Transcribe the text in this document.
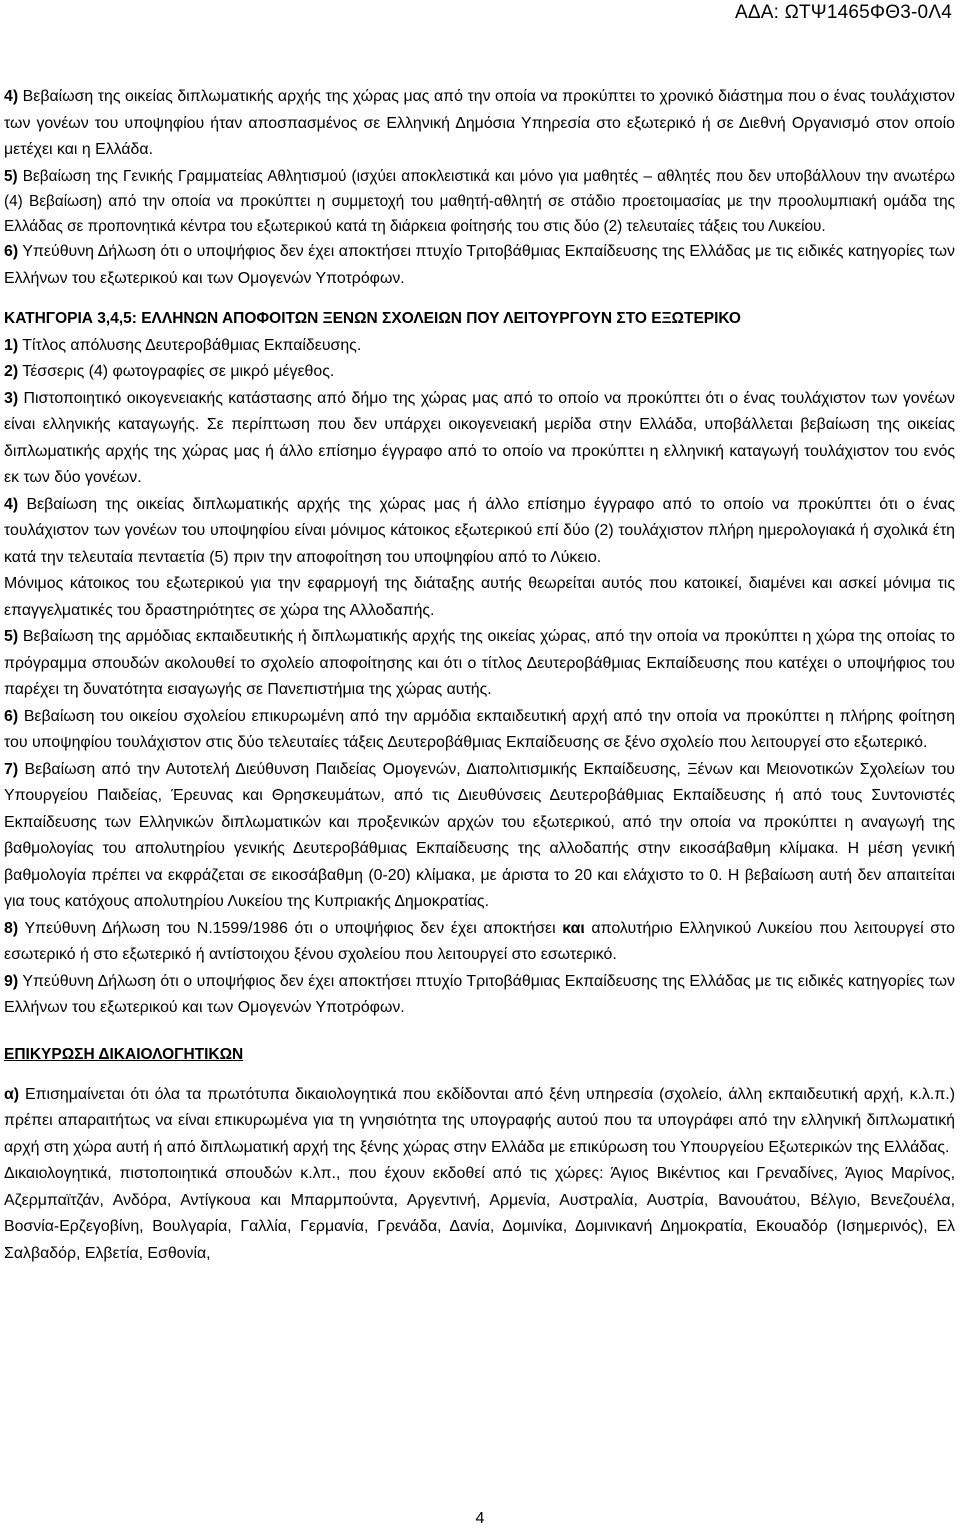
ΑΔΑ: ΩΤΨ1465ΦΘ3-0Λ4

4) Βεβαίωση της οικείας διπλωματικής αρχής της χώρας μας από την οποία να προκύπτει το χρονικό διάστημα που ο ένας τουλάχιστον των γονέων του υποψηφίου ήταν αποσπασμένος σε Ελληνική Δημόσια Υπηρεσία στο εξωτερικό ή σε Διεθνή Οργανισμό στον οποίο μετέχει και η Ελλάδα.

5) Βεβαίωση της Γενικής Γραμματείας Αθλητισμού (ισχύει αποκλειστικά και μόνο για μαθητές – αθλητές που δεν υποβάλλουν την ανωτέρω (4) Βεβαίωση) από την οποία να προκύπτει η συμμετοχή του μαθητή-αθλητή σε στάδιο προετοιμασίας με την προολυμπιακή ομάδα της Ελλάδας σε προπονητικά κέντρα του εξωτερικού κατά τη διάρκεια φοίτησής του στις δύο (2) τελευταίες τάξεις του Λυκείου.

6) Υπεύθυνη Δήλωση ότι ο υποψήφιος δεν έχει αποκτήσει πτυχίο Τριτοβάθμιας Εκπαίδευσης της Ελλάδας με τις ειδικές κατηγορίες των Ελλήνων του εξωτερικού και των Ομογενών Υποτρόφων.

ΚΑΤΗΓΟΡΙΑ 3,4,5: ΕΛΛΗΝΩΝ ΑΠΟΦΟΙΤΩΝ ΞΕΝΩΝ ΣΧΟΛΕΙΩΝ ΠΟΥ ΛΕΙΤΟΥΡΓΟΥΝ ΣΤΟ ΕΞΩΤΕΡΙΚΟ

1) Τίτλος απόλυσης Δευτεροβάθμιας Εκπαίδευσης.

2) Τέσσερις (4) φωτογραφίες σε μικρό μέγεθος.

3) Πιστοποιητικό οικογενειακής κατάστασης από δήμο της χώρας μας από το οποίο να προκύπτει ότι ο ένας τουλάχιστον των γονέων είναι ελληνικής καταγωγής. Σε περίπτωση που δεν υπάρχει οικογενειακή μερίδα στην Ελλάδα, υποβάλλεται βεβαίωση της οικείας διπλωματικής αρχής της χώρας μας ή άλλο επίσημο έγγραφο από το οποίο να προκύπτει η ελληνική καταγωγή τουλάχιστον του ενός εκ των δύο γονέων.

4) Βεβαίωση της οικείας διπλωματικής αρχής της χώρας μας ή άλλο επίσημο έγγραφο από το οποίο να προκύπτει ότι ο ένας τουλάχιστον των γονέων του υποψηφίου είναι μόνιμος κάτοικος εξωτερικού επί δύο (2) τουλάχιστον πλήρη ημερολογιακά ή σχολικά έτη κατά την τελευταία πενταετία (5) πριν την αποφοίτηση του υποψηφίου από το Λύκειο.

Μόνιμος κάτοικος του εξωτερικού για την εφαρμογή της διάταξης αυτής θεωρείται αυτός που κατοικεί, διαμένει και ασκεί μόνιμα τις επαγγελματικές του δραστηριότητες σε χώρα της Αλλοδαπής.

5) Βεβαίωση της αρμόδιας εκπαιδευτικής ή διπλωματικής αρχής της οικείας χώρας, από την οποία να προκύπτει η χώρα της οποίας το πρόγραμμα σπουδών ακολουθεί το σχολείο αποφοίτησης και ότι ο τίτλος Δευτεροβάθμιας Εκπαίδευσης που κατέχει ο υποψήφιος του παρέχει τη δυνατότητα εισαγωγής σε Πανεπιστήμια της χώρας αυτής.

6) Βεβαίωση του οικείου σχολείου επικυρωμένη από την αρμόδια εκπαιδευτική αρχή από την οποία να προκύπτει η πλήρης φοίτηση του υποψηφίου τουλάχιστον στις δύο τελευταίες τάξεις Δευτεροβάθμιας Εκπαίδευσης σε ξένο σχολείο που λειτουργεί στο εξωτερικό.

7) Βεβαίωση από την Αυτοτελή Διεύθυνση Παιδείας Ομογενών, Διαπολιτισμικής Εκπαίδευσης, Ξένων και Μειονοτικών Σχολείων του Υπουργείου Παιδείας, Έρευνας και Θρησκευμάτων, από τις Διευθύνσεις Δευτεροβάθμιας Εκπαίδευσης ή από τους Συντονιστές Εκπαίδευσης των Ελληνικών διπλωματικών και προξενικών αρχών του εξωτερικού, από την οποία να προκύπτει η αναγωγή της βαθμολογίας του απολυτηρίου γενικής Δευτεροβάθμιας Εκπαίδευσης της αλλοδαπής στην εικοσάβαθμη κλίμακα. Η μέση γενική βαθμολογία πρέπει να εκφράζεται σε εικοσάβαθμη (0-20) κλίμακα, με άριστα το 20 και ελάχιστο το 0. Η βεβαίωση αυτή δεν απαιτείται για τους κατόχους απολυτηρίου Λυκείου της Κυπριακής Δημοκρατίας.

8) Υπεύθυνη Δήλωση του Ν.1599/1986 ότι ο υποψήφιος δεν έχει αποκτήσει και απολυτήριο Ελληνικού Λυκείου που λειτουργεί στο εσωτερικό ή στο εξωτερικό ή αντίστοιχου ξένου σχολείου που λειτουργεί στο εσωτερικό.

9) Υπεύθυνη Δήλωση ότι ο υποψήφιος δεν έχει αποκτήσει πτυχίο Τριτοβάθμιας Εκπαίδευσης της Ελλάδας με τις ειδικές κατηγορίες των Ελλήνων του εξωτερικού και των Ομογενών Υποτρόφων.

ΕΠΙΚΥΡΩΣΗ ΔΙΚΑΙΟΛΟΓΗΤΙΚΩΝ

α) Επισημαίνεται ότι όλα τα πρωτότυπα δικαιολογητικά που εκδίδονται από ξένη υπηρεσία (σχολείο, άλλη εκπαιδευτική αρχή, κ.λ.π.) πρέπει απαραιτήτως να είναι επικυρωμένα για τη γνησιότητα της υπογραφής αυτού που τα υπογράφει από την ελληνική διπλωματική αρχή στη χώρα αυτή ή από διπλωματική αρχή της ξένης χώρας στην Ελλάδα με επικύρωση του Υπουργείου Εξωτερικών της Ελλάδας.

Δικαιολογητικά, πιστοποιητικά σπουδών κ.λπ., που έχουν εκδοθεί από τις χώρες: Άγιος Βικέντιος και Γρεναδίνες, Άγιος Μαρίνος, Αζερμπαϊτζάν, Ανδόρα, Αντίγκουα και Μπαρμπούντα, Αργεντινή, Αρμενία, Αυστραλία, Αυστρία, Βανουάτου, Βέλγιο, Βενεζουέλα, Βοσνία-Ερζεγοβίνη, Βουλγαρία, Γαλλία, Γερμανία, Γρενάδα, Δανία, Δομινίκα, Δομινικανή Δημοκρατία, Εκουαδόρ (Ισημερινός), Ελ Σαλβαδόρ, Ελβετία, Εσθονία,

4
